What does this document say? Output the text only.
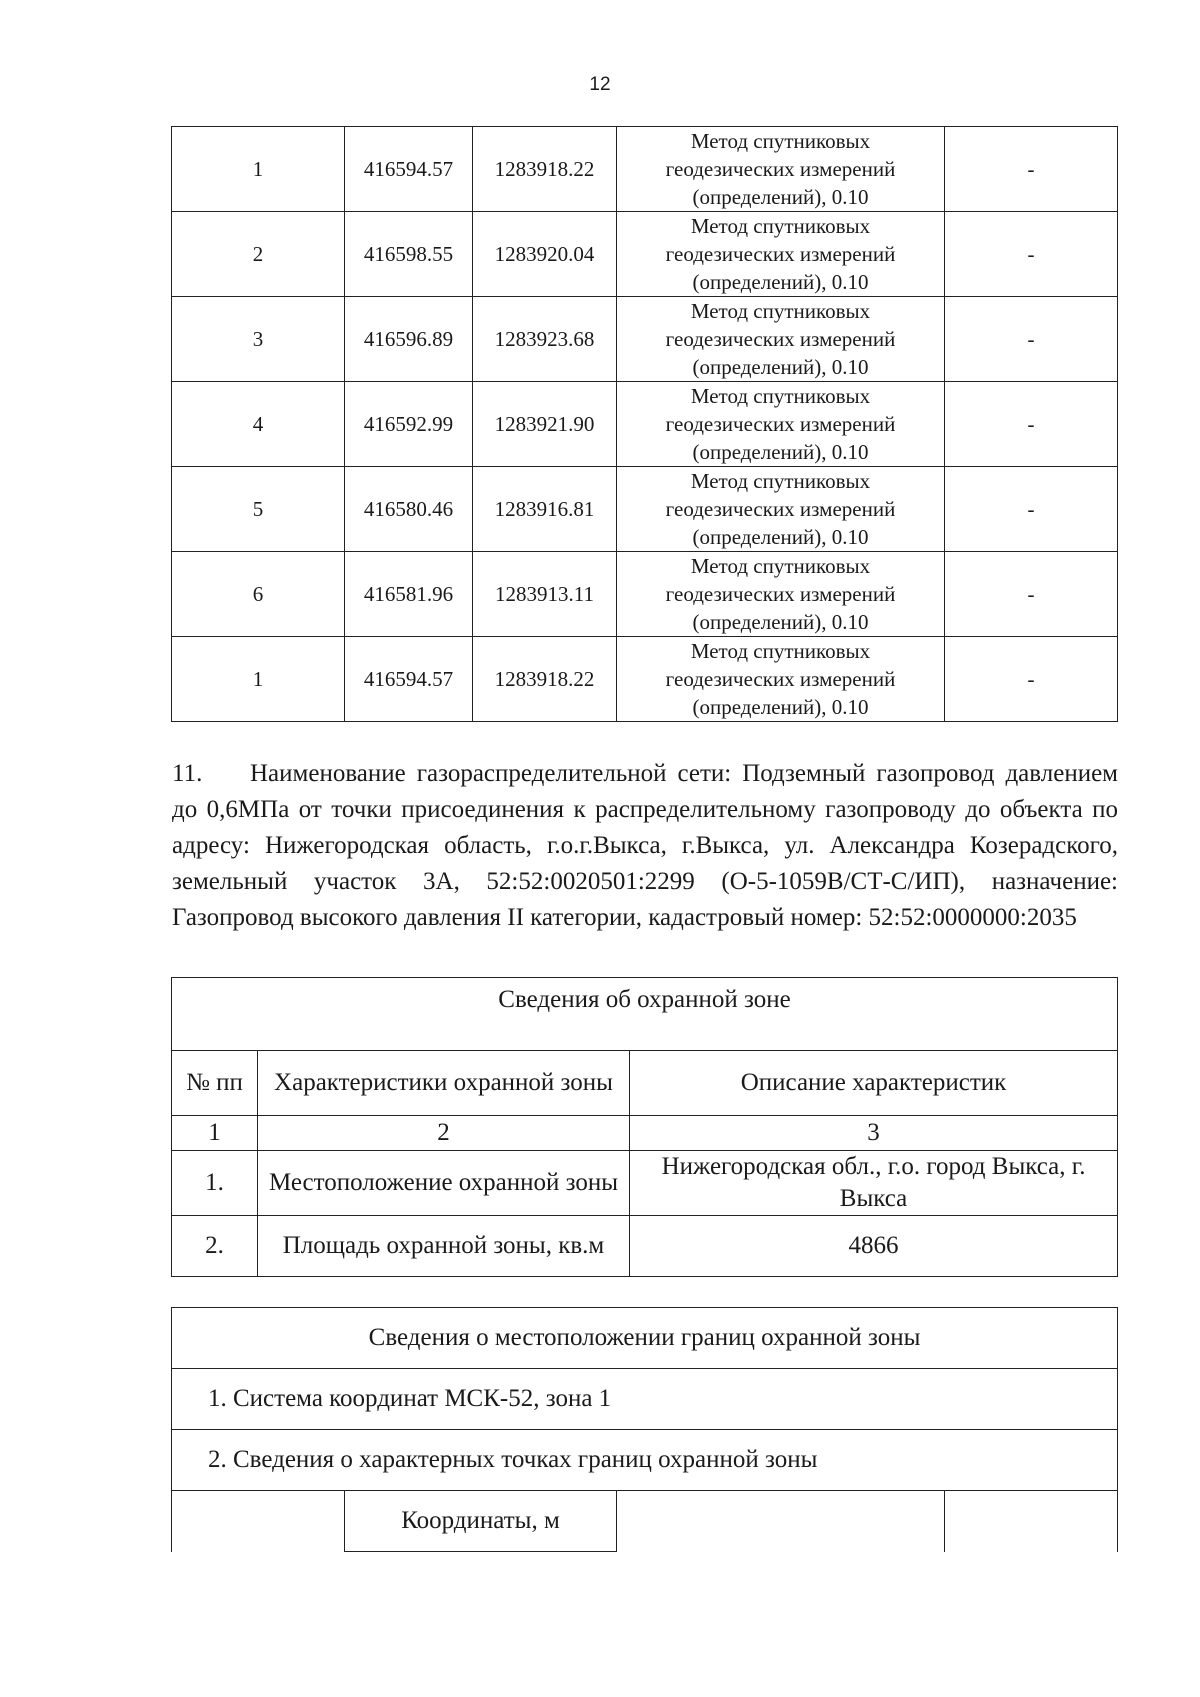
12
1	416594.57	1283918.22	Метод спутниковых
геодезических измерений
(определений), 0.10	-
2	416598.55	1283920.04	Метод спутниковых
геодезических измерений
(определений), 0.10	-
3	416596.89	1283923.68	Метод спутниковых
геодезических измерений
(определений), 0.10	-
4	416592.99	1283921.90	Метод спутниковых
геодезических измерений
(определений), 0.10	-
5	416580.46	1283916.81	Метод спутниковых
геодезических измерений
(определений), 0.10	-
6	416581.96	1283913.11	Метод спутниковых
геодезических измерений
(определений), 0.10	-
1	416594.57	1283918.22	Метод спутниковых
геодезических измерений
(определений), 0.10	-

11. Наименование газораспределительной сети: Подземный газопровод давлением до 0,6МПа от точки присоединения к распределительному газопроводу до объекта по адресу: Нижегородская область, г.о.г.Выкса, г.Выкса, ул. Александра Козерадского, земельный участок 3А, 52:52:0020501:2299 (О-5-1059В/СТ-С/ИП), назначение: Газопровод высокого давления II категории, кадастровый номер: 52:52:0000000:2035

Сведения об охранной зоне		
№ пп	Характеристики охранной зоны	Описание характеристик
1	2	3
1.	Местоположение охранной зоны	Нижегородская обл., г.о. город Выкса, г. Выкса
2.	Площадь охранной зоны, кв.м	4866
Сведения о местоположении границ охранной зоны
1. Система координат МСК-52, зона 1
2. Сведения о характерных точках границ охранной зоны
	Координаты, м		
